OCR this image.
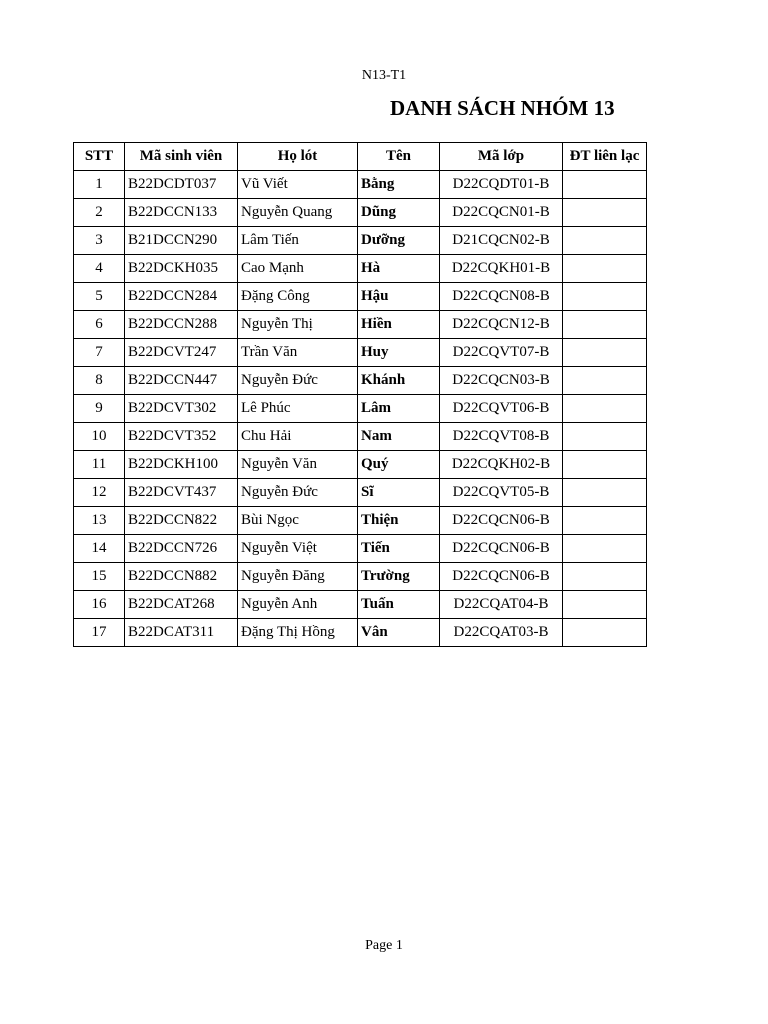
N13-T1
DANH SÁCH NHÓM 13
STT	Mã sinh viên	Họ lót	Tên	Mã lớp	ĐT liên lạc
1	B22DCDT037	Vũ Viết	Bằng	D22CQDT01-B	
2	B22DCCN133	Nguyễn Quang	Dũng	D22CQCN01-B	
3	B21DCCN290	Lâm Tiến	Dưỡng	D21CQCN02-B	
4	B22DCKH035	Cao Mạnh	Hà	D22CQKH01-B	
5	B22DCCN284	Đặng Công	Hậu	D22CQCN08-B	
6	B22DCCN288	Nguyễn Thị	Hiền	D22CQCN12-B	
7	B22DCVT247	Trần Văn	Huy	D22CQVT07-B	
8	B22DCCN447	Nguyễn Đức	Khánh	D22CQCN03-B	
9	B22DCVT302	Lê Phúc	Lâm	D22CQVT06-B	
10	B22DCVT352	Chu Hải	Nam	D22CQVT08-B	
11	B22DCKH100	Nguyễn Văn	Quý	D22CQKH02-B	
12	B22DCVT437	Nguyễn Đức	Sĩ	D22CQVT05-B	
13	B22DCCN822	Bùi Ngọc	Thiện	D22CQCN06-B	
14	B22DCCN726	Nguyễn Việt	Tiến	D22CQCN06-B	
15	B22DCCN882	Nguyễn Đăng	Trường	D22CQCN06-B	
16	B22DCAT268	Nguyễn Anh	Tuấn	D22CQAT04-B	
17	B22DCAT311	Đặng Thị Hồng	Vân	D22CQAT03-B	
Page 1
